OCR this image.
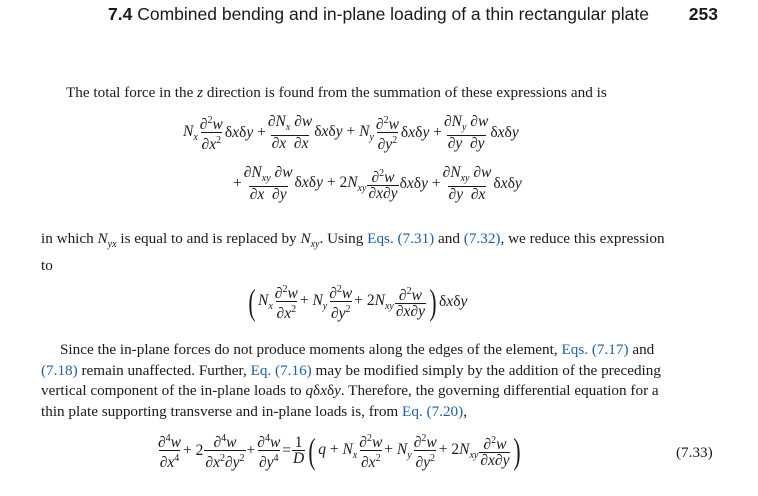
7.4 Combined bending and in-plane loading of a thin rectangular plate 253

The total force in the z direction is found from the summation of these expressions and is

$N_x \frac{\partial^2w}{\partial x^2}$ $\delta x\delta y + \frac{\partial N_x \partial w}{\partial x \partial x}$ $\delta x\delta y + N_y \frac{\partial^2w}{\partial y^2}$ $\delta x\delta y + \frac{\partial N_y \partial w}{\partial y \partial y}$ δxδy
+ $\frac{\partial N_{xy} \partial w}{\partial x \partial y}$ $\delta x\delta y + 2N_{xy} \frac{\partial^2w}{\partial x\partial y}$ $\delta x\delta y + \frac{\partial N_{xy} \partial w}{\partial y \partial x}$ δxδy

in which $N_{yx}$ is equal to and is replaced by $N_{xy}$. Using Eqs. (7.31) and (7.32), we reduce this expression
to

( $N_x \frac{\partial^2w}{\partial x^2} + N_y \frac{\partial^2w}{\partial y^2} + 2N_{xy} \frac{\partial^2w}{\partial x\partial y}$ ) δxδy

Since the in-plane forces do not produce moments along the edges of the element, Eqs. (7.17) and
(7.18) remain unaffected. Further, Eq. (7.16) may be modified simply by the addition of the preceding
vertical component of the in-plane loads to qδxδy. Therefore, the governing differential equation for a
thin plate supporting transverse and in-plane loads is, from Eq. (7.20),

$\frac{\partial^4w}{\partial x^4} + 2 \frac{\partial^4w}{\partial x^2\partial y^2} + \frac{\partial^4w}{\partial y^4} = \frac{1}{D}$ ( $q + N_x \frac{\partial^2w}{\partial x^2} + N_y \frac{\partial^2w}{\partial y^2} + 2N_{xy} \frac{\partial^2w}{\partial x\partial y}$ )	(7.33)
